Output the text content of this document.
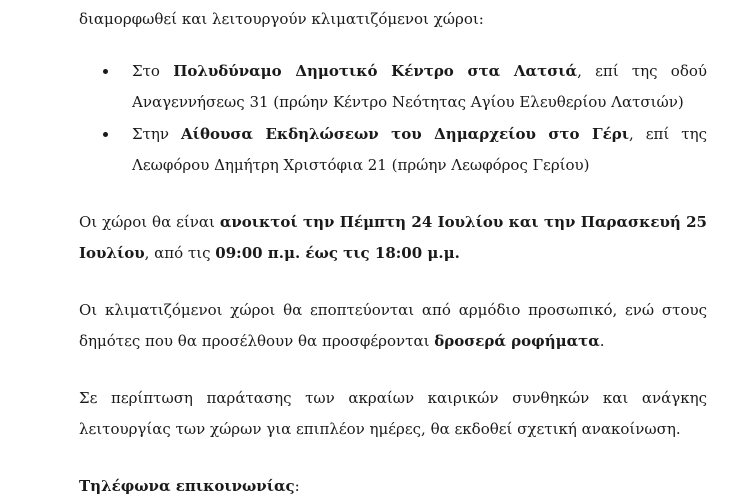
διαμορφωθεί και λειτουργούν κλιματιζόμενοι χώροι:

Στο Πολυδύναμο Δημοτικό Κέντρο στα Λατσιά, επί της οδού Αναγεννήσεως 31 (πρώην Κέντρο Νεότητας Αγίου Ελευθερίου Λατσιών)
Στην Αίθουσα Εκδηλώσεων του Δημαρχείου στο Γέρι, επί της Λεωφόρου Δημήτρη Χριστόφια 21 (πρώην Λεωφόρος Γερίου)

Οι χώροι θα είναι ανοικτοί την Πέμπτη 24 Ιουλίου και την Παρασκευή 25 Ιουλίου, από τις 09:00 π.μ. έως τις 18:00 μ.μ.

Οι κλιματιζόμενοι χώροι θα εποπτεύονται από αρμόδιο προσωπικό, ενώ στους δημότες που θα προσέλθουν θα προσφέρονται δροσερά ροφήματα.

Σε περίπτωση παράτασης των ακραίων καιρικών συνθηκών και ανάγκης λειτουργίας των χώρων για επιπλέον ημέρες, θα εκδοθεί σχετική ανακοίνωση.

Τηλέφωνα επικοινωνίας:
